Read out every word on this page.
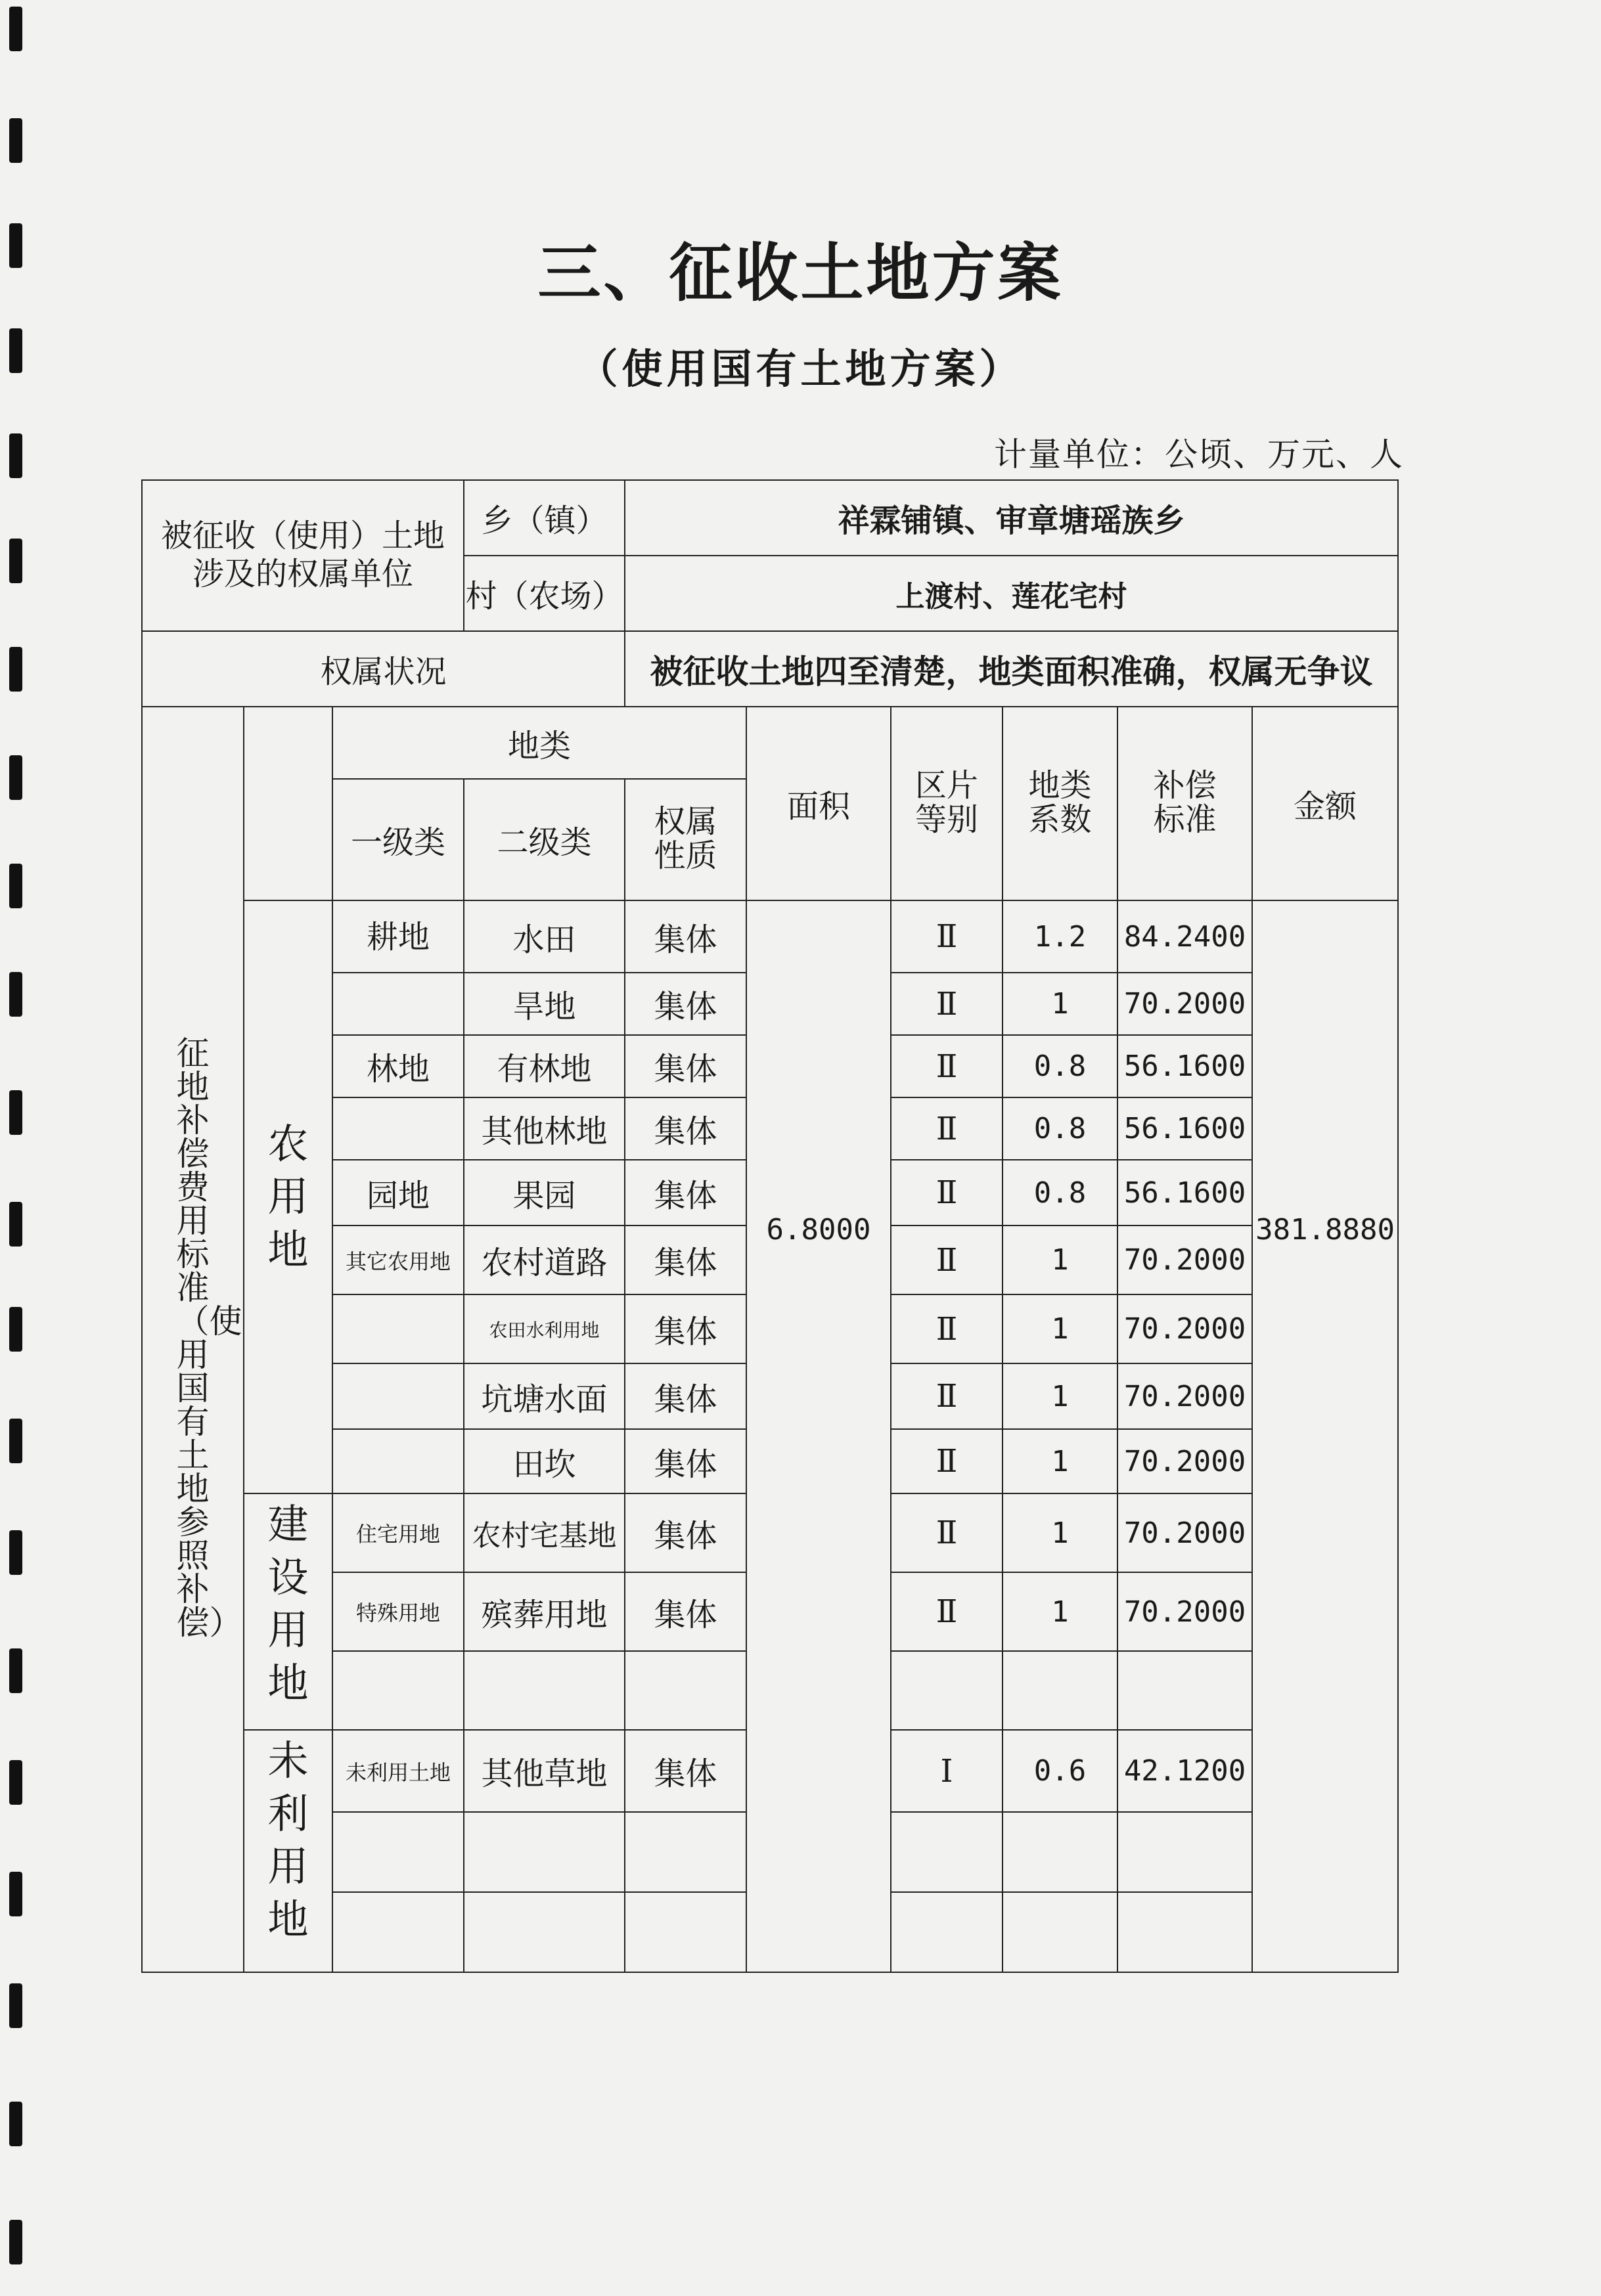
三、征收土地方案
（使用国有土地方案）
计量单位：公顷、万元、人
被征收（使用）土地涉及的权属单位			乡（镇）	祥霖铺镇、审章塘瑶族乡					
			村（农场）	上渡村、莲花宅村					
权属状况				被征收土地四至清楚，地类面积准确，权属无争议					
征地补偿费用标准（使用国有土地参照补偿）		地类			面积	区片等别	地类系数	补偿标准	金额
		一级类	二级类	权属性质					
	农用地	耕地	水田	集体	6.8000	Ⅱ	1.2	84.2400	381.8880
			旱地	集体		Ⅱ	1	70.2000	
		林地	有林地	集体		Ⅱ	0.8	56.1600	
			其他林地	集体		Ⅱ	0.8	56.1600	
		园地	果园	集体		Ⅱ	0.8	56.1600	
		其它农用地	农村道路	集体		Ⅱ	1	70.2000	
			农田水利用地	集体		Ⅱ	1	70.2000	
			坑塘水面	集体		Ⅱ	1	70.2000	
			田坎	集体		Ⅱ	1	70.2000	
	建设用地	住宅用地	农村宅基地	集体		Ⅱ	1	70.2000	
		特殊用地	殡葬用地	集体		Ⅱ	1	70.2000	

	未利用地	未利用土地	其他草地	集体		Ⅰ	0.6	42.1200	
